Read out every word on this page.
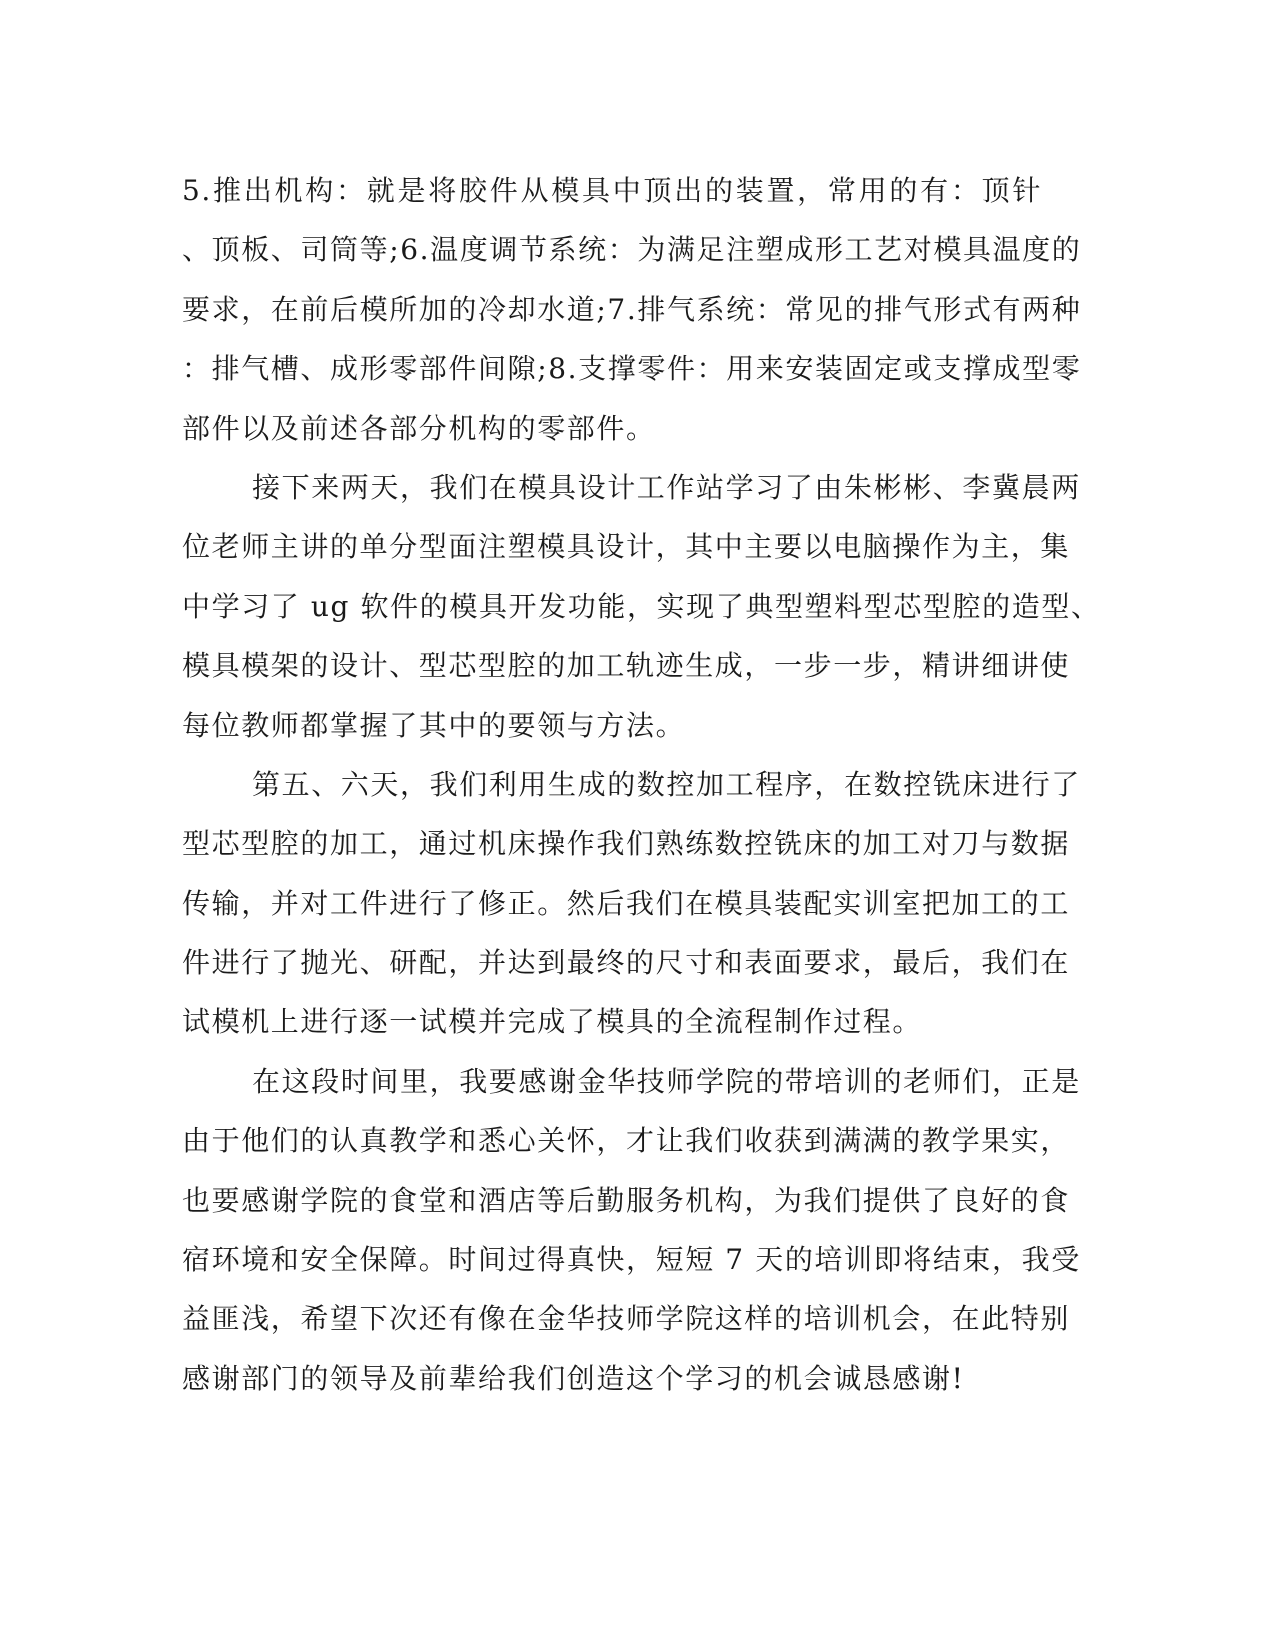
5.推出机构：就是将胶件从模具中顶出的装置，常用的有：顶针
、顶板、司筒等;6.温度调节系统：为满足注塑成形工艺对模具温度的
要求，在前后模所加的冷却水道;7.排气系统：常见的排气形式有两种
：排气槽、成形零部件间隙;8.支撑零件：用来安装固定或支撑成型零
部件以及前述各部分机构的零部件。
接下来两天，我们在模具设计工作站学习了由朱彬彬、李冀晨两
位老师主讲的单分型面注塑模具设计，其中主要以电脑操作为主，集
中学习了 ug 软件的模具开发功能，实现了典型塑料型芯型腔的造型、
模具模架的设计、型芯型腔的加工轨迹生成，一步一步，精讲细讲使
每位教师都掌握了其中的要领与方法。
第五、六天，我们利用生成的数控加工程序，在数控铣床进行了
型芯型腔的加工，通过机床操作我们熟练数控铣床的加工对刀与数据
传输，并对工件进行了修正。然后我们在模具装配实训室把加工的工
件进行了抛光、研配，并达到最终的尺寸和表面要求，最后，我们在
试模机上进行逐一试模并完成了模具的全流程制作过程。
在这段时间里，我要感谢金华技师学院的带培训的老师们，正是
由于他们的认真教学和悉心关怀，才让我们收获到满满的教学果实，
也要感谢学院的食堂和酒店等后勤服务机构，为我们提供了良好的食
宿环境和安全保障。时间过得真快，短短 7 天的培训即将结束，我受
益匪浅，希望下次还有像在金华技师学院这样的培训机会，在此特别
感谢部门的领导及前辈给我们创造这个学习的机会诚恳感谢!
